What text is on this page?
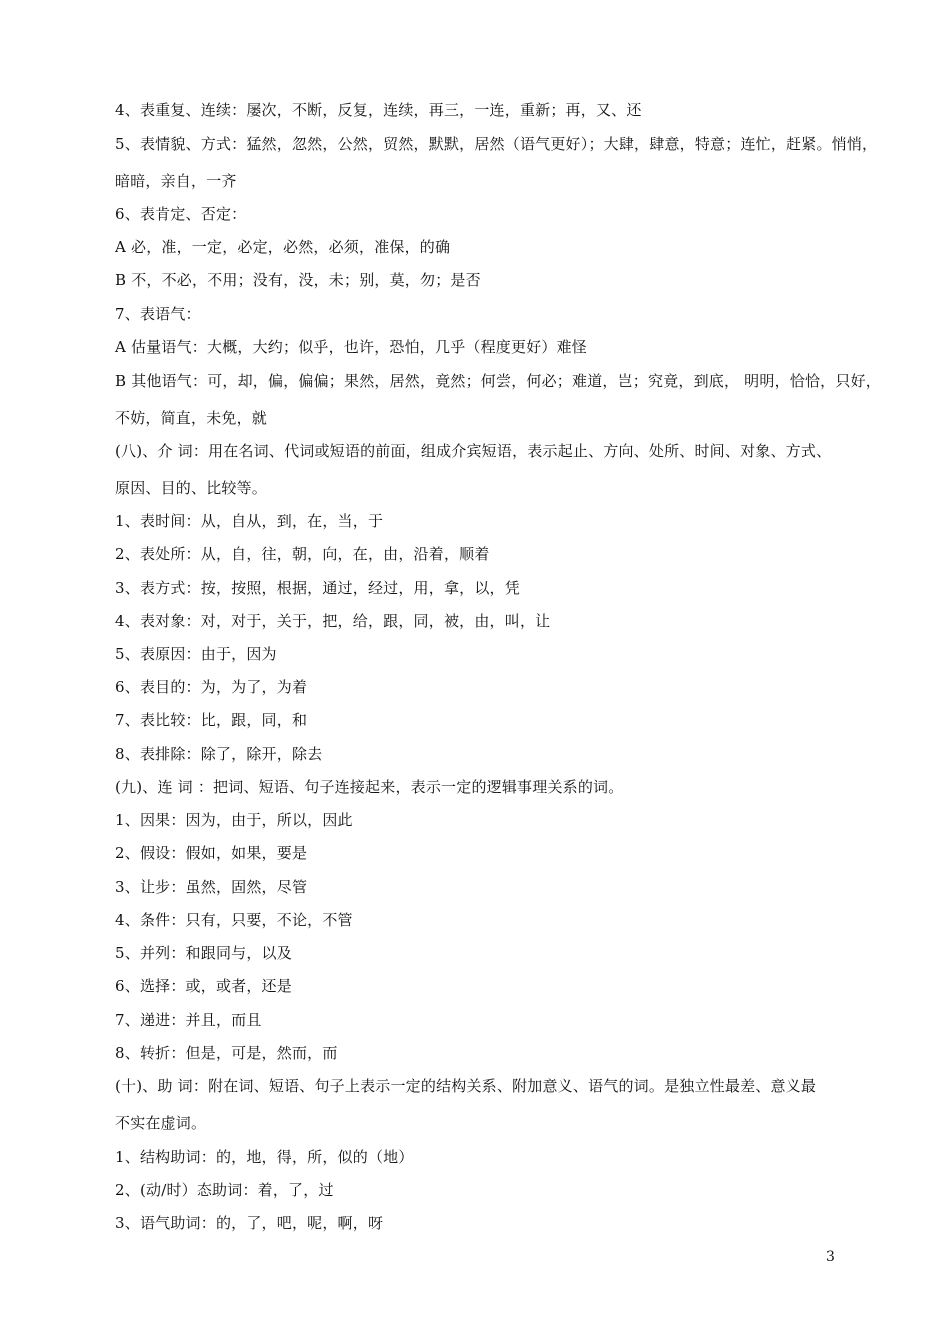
4、表重复、连续：屡次，不断，反复，连续，再三，一连，重新；再，又、还
5、表情貌、方式：猛然，忽然，公然，贸然，默默，居然（语气更好）；大肆，肆意，特意；连忙，赶紧。悄悄，
暗暗，亲自，一齐
6、表肯定、否定：
A 必，准，一定，必定，必然，必须，准保，的确
B 不，不必，不用；没有，没，未；别，莫，勿；是否
7、表语气：
A 估量语气：大概，大约；似乎，也许，恐怕，几乎（程度更好）难怪
B 其他语气：可，却，偏，偏偏；果然，居然，竟然；何尝，何必；难道，岂；究竟，到底， 明明，恰恰，只好，
不妨，简直，未免，就
(八)、介 词：用在名词、代词或短语的前面，组成介宾短语，表示起止、方向、处所、时间、对象、方式、
原因、目的、比较等。
1、表时间：从，自从，到，在，当，于
2、表处所：从，自，往，朝，向，在，由，沿着，顺着
3、表方式：按，按照，根据，通过，经过，用，拿，以，凭
4、表对象：对，对于，关于，把，给，跟，同，被，由，叫，让
5、表原因：由于，因为
6、表目的：为，为了，为着
7、表比较：比，跟，同，和
8、表排除：除了，除开，除去
(九)、连 词 ：把词、短语、句子连接起来，表示一定的逻辑事理关系的词。
1、因果：因为，由于，所以，因此
2、假设：假如，如果，要是
3、让步：虽然，固然，尽管
4、条件：只有，只要，不论，不管
5、并列：和跟同与，以及
6、选择：或，或者，还是
7、递进：并且，而且
8、转折：但是，可是，然而，而
(十)、助 词：附在词、短语、句子上表示一定的结构关系、附加意义、语气的词。是独立性最差、意义最
不实在虚词。
1、结构助词：的，地，得，所，似的（地）
2、(动/时）态助词：着，了，过
3、语气助词：的，了，吧，呢，啊，呀
3
